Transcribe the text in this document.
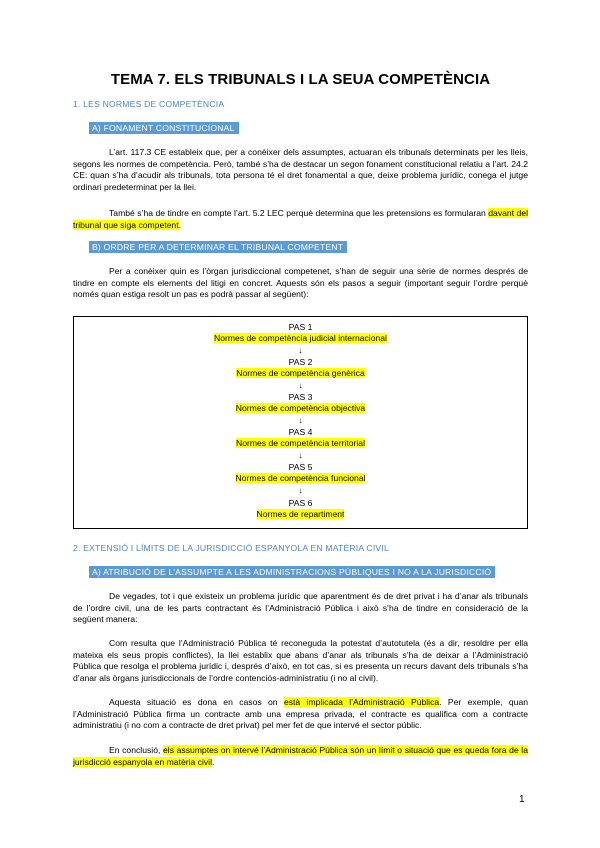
TEMA 7. ELS TRIBUNALS I LA SEUA COMPETÈNCIA
1. LES NORMES DE COMPETÈNCIA
A) FONAMENT CONSTITUCIONAL

L’art. 117.3 CE estableix que, per a conèixer dels assumptes, actuaran els tribunals determinats per les lleis, segons les normes de competència. Però, també s’ha de destacar un segon fonament constitucional relatiu a l’art. 24.2 CE: quan s’ha d’acudir als tribunals, tota persona té el dret fonamental a que, deixe problema jurídic, conega el jutge ordinari predeterminat per la llei.

També s’ha de tindre en compte l’art. 5.2 LEC perquè determina que les pretensions es formularan davant del tribunal que siga competent.

B) ORDRE PER A DETERMINAR EL TRIBUNAL COMPETENT

Per a conèixer quin es l’òrgan jurisdiccional competenet, s’han de seguir una sèrie de normes després de tindre en compte els elements del litigi en concret. Aquests són els pasos a seguir (important seguir l’ordre perquè només quan estiga resolt un pas es podrà passar al següent):

PAS 1
Normes de competència judicial internacional
↓
PAS 2
Normes de competència genèrica
↓
PAS 3
Normes de competència objectiva
↓
PAS 4
Normes de competència territorial
↓
PAS 5
Normes de competència funcional
↓
PAS 6
Normes de repartiment
2. EXTENSIÓ I LÍMITS DE LA JURISDICCIÓ ESPANYOLA EN MATÈRIA CIVIL
A) ATRIBUCIÓ DE L’ASSUMPTE A LES ADMINISTRACIONS PÚBLIQUES I NO A LA JURISDICCIÓ

De vegades, tot i que existeix un problema jurídic que aparentment és de dret privat i ha d’anar als tribunals de l’ordre civil, una de les parts contractant és l’Administració Pública i això s’ha de tindre en consideració de la següent manera:

Com resulta que l’Administració Pública té reconeguda la potestat d’autotutela (és a dir, resoldre per ella mateixa els seus propis conflictes), la llei establix que abans d’anar als tribunals s’ha de deixar a l’Administració Pública que resolga el problema jurídic i, després d’això, en tot cas, si es presenta un recurs davant dels tribunals s’ha d’anar als òrgans jurisdiccionals de l’ordre contenciós-administratiu (i no al civil).

Aquesta situació es dona en casos on està implicada l’Administració Pública. Per exemple, quan l’Administració Pública firma un contracte amb una empresa privada, el contracte es qualifica com a contracte administratiu (i no com a contracte de dret privat) pel mer fet de que intervé el sector públic.

En conclusió, els assumptes on intervé l’Administració Pública són un límit o situació que es queda fora de la jurisdicció espanyola en matèria civil.

1
